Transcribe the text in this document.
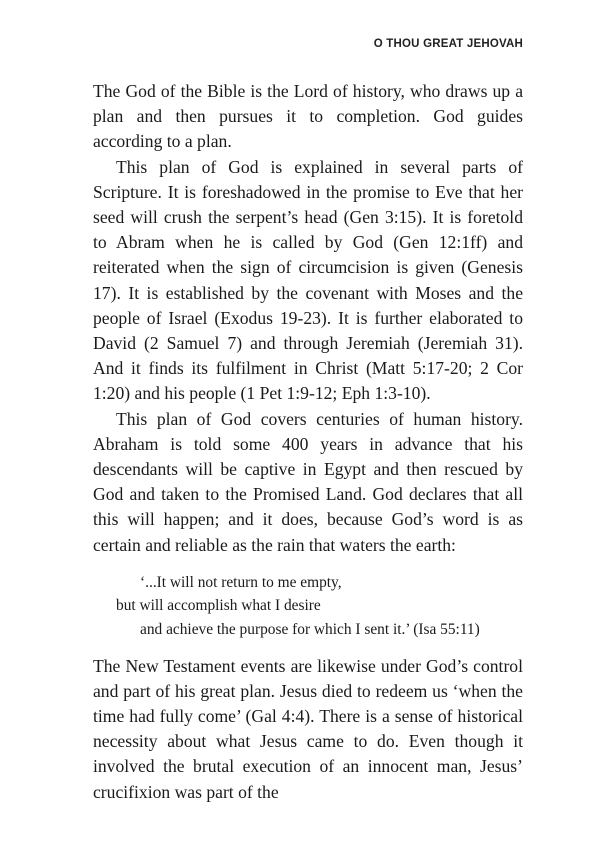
O THOU GREAT JEHOVAH

The God of the Bible is the Lord of history, who draws up a plan and then pursues it to completion. God guides according to a plan.

This plan of God is explained in several parts of Scripture. It is foreshadowed in the promise to Eve that her seed will crush the serpent’s head (Gen 3:15). It is foretold to Abram when he is called by God (Gen 12:1ff) and reiterated when the sign of circumcision is given (Genesis 17). It is established by the covenant with Moses and the people of Israel (Exodus 19-23). It is further elaborated to David (2 Samuel 7) and through Jeremiah (Jeremiah 31). And it finds its fulfilment in Christ (Matt 5:17-20; 2 Cor 1:20) and his people (1 Pet 1:9-12; Eph 1:3-10).

This plan of God covers centuries of human history. Abraham is told some 400 years in advance that his descendants will be captive in Egypt and then rescued by God and taken to the Promised Land. God declares that all this will happen; and it does, because God’s word is as certain and reliable as the rain that waters the earth:

‘...It will not return to me empty,
but will accomplish what I desire
and achieve the purpose for which I sent it.’ (Isa 55:11)

The New Testament events are likewise under God’s control and part of his great plan. Jesus died to redeem us ‘when the time had fully come’ (Gal 4:4). There is a sense of historical necessity about what Jesus came to do. Even though it involved the brutal execution of an innocent man, Jesus’ crucifixion was part of the
